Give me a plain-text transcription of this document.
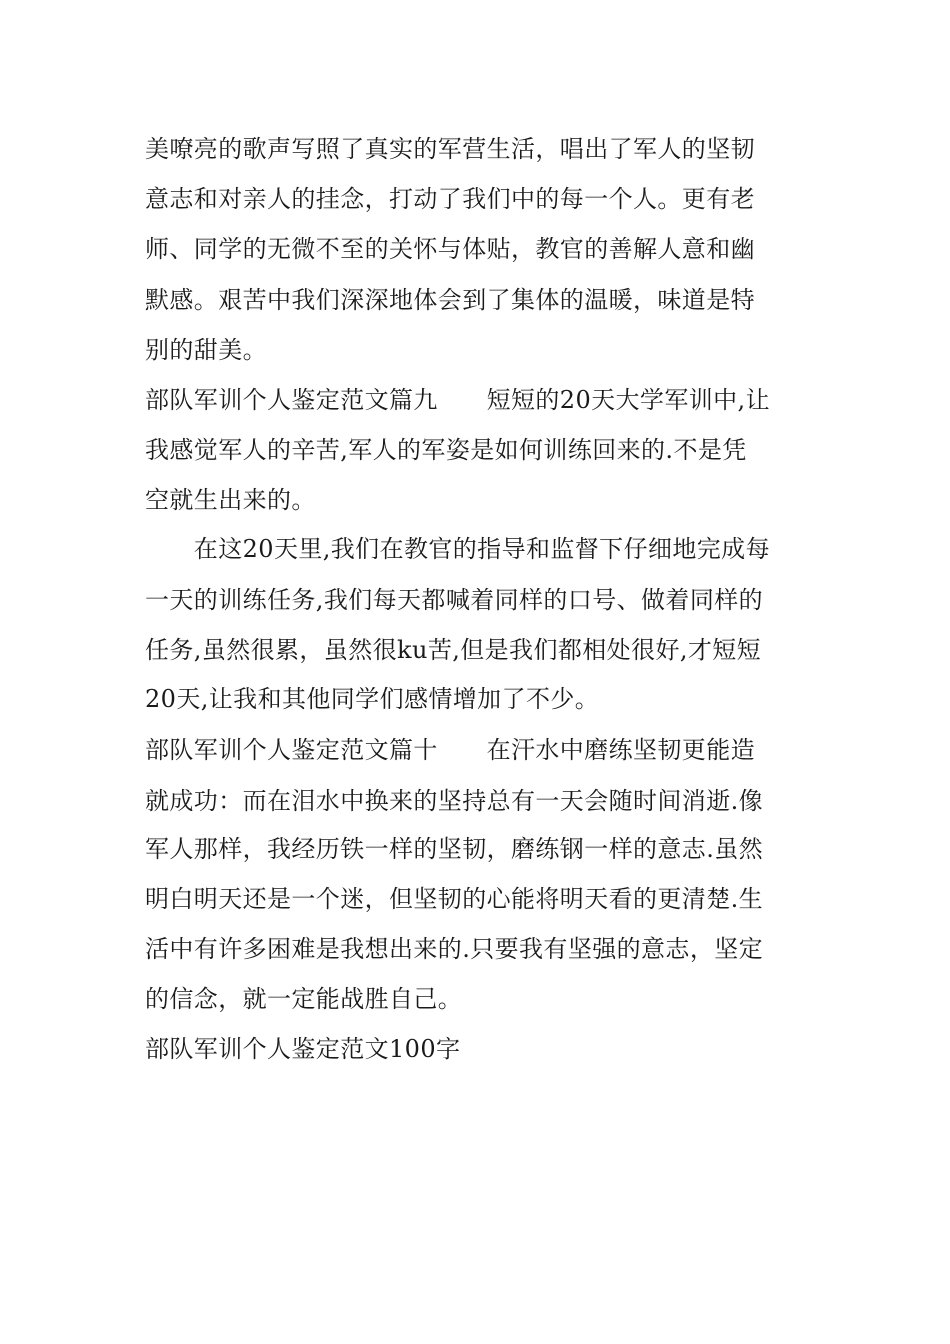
美嘹亮的歌声写照了真实的军营生活，唱出了军人的坚韧
意志和对亲人的挂念，打动了我们中的每一个人。更有老
师、同学的无微不至的关怀与体贴，教官的善解人意和幽
默感。艰苦中我们深深地体会到了集体的温暖，味道是特
别的甜美。
部队军训个人鉴定范文篇九　　短短的20天大学军训中,让
我感觉军人的辛苦,军人的军姿是如何训练回来的.不是凭
空就生出来的。
　　在这20天里,我们在教官的指导和监督下仔细地完成每
一天的训练任务,我们每天都喊着同样的口号、做着同样的
任务,虽然很累，虽然很ku苦,但是我们都相处很好,才短短
20天,让我和其他同学们感情增加了不少。
部队军训个人鉴定范文篇十　　在汗水中磨练坚韧更能造
就成功：而在泪水中换来的坚持总有一天会随时间消逝.像
军人那样，我经历铁一样的坚韧，磨练钢一样的意志.虽然
明白明天还是一个迷，但坚韧的心能将明天看的更清楚.生
活中有许多困难是我想出来的.只要我有坚强的意志，坚定
的信念，就一定能战胜自己。
部队军训个人鉴定范文100字
